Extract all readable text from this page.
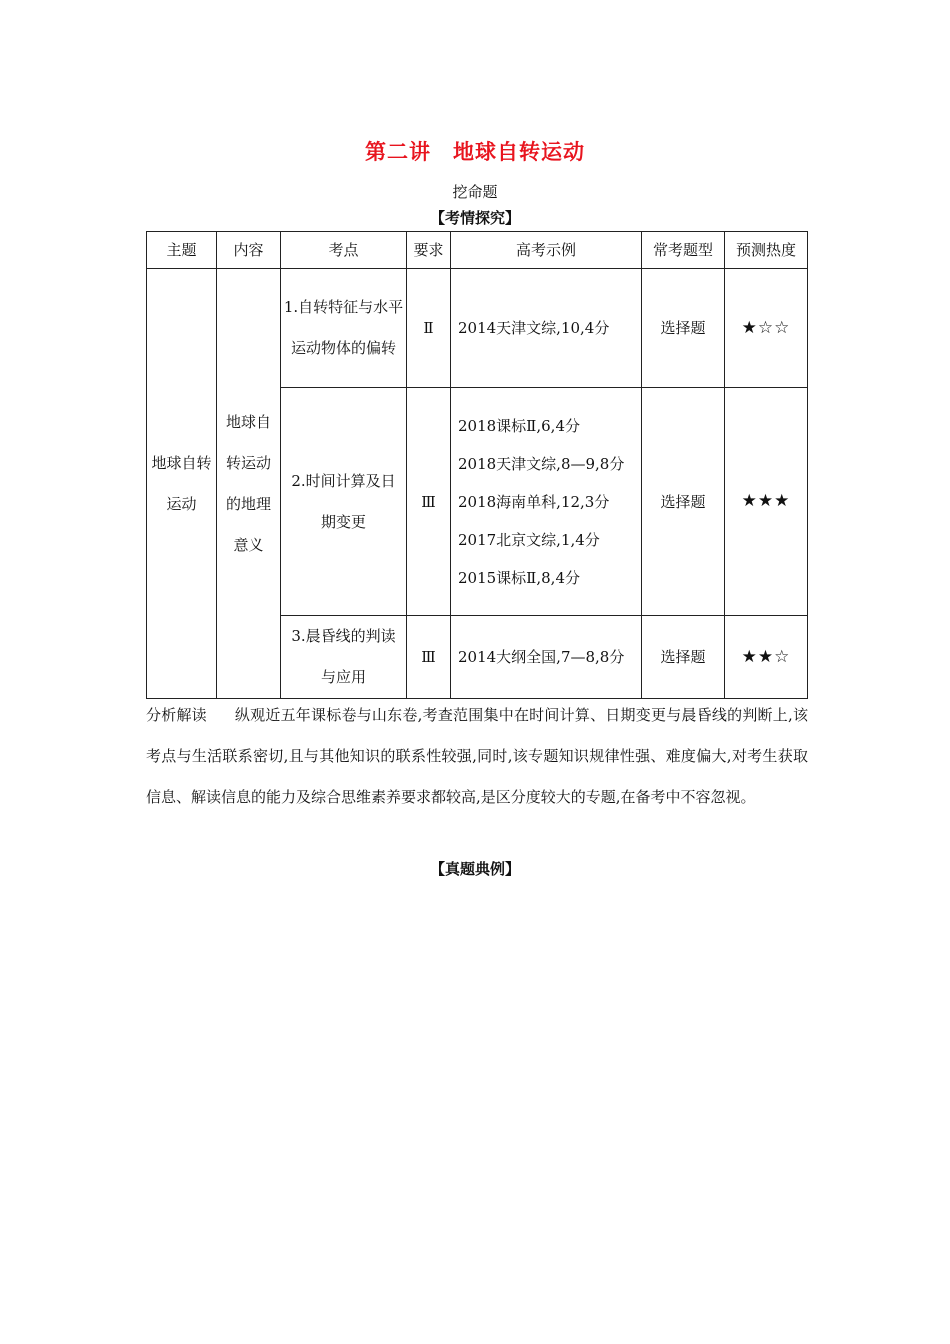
第二讲　地球自转运动
挖命题
【考情探究】
主题	内容	考点	要求	高考示例	常考题型	预测热度

地球自转运动	地球自转运动的地理意义	1.自转特征与水平运动物体的偏转	Ⅱ	2014天津文综,10,4分	选择题	★☆☆

		2.时间计算及日期变更	Ⅲ	2018课标Ⅱ,6,4分
2018天津文综,8—9,8分
2018海南单科,12,3分
2017北京文综,1,4分
2015课标Ⅱ,8,4分	选择题	★★★

		3.晨昏线的判读与应用	Ⅲ	2014大纲全国,7—8,8分	选择题	★★☆
分析解读 纵观近五年课标卷与山东卷,考查范围集中在时间计算、日期变更与晨昏线的判断上,该考点与生活联系密切,且与其他知识的联系性较强,同时,该专题知识规律性强、难度偏大,对考生获取信息、解读信息的能力及综合思维素养要求都较高,是区分度较大的专题,在备考中不容忽视。
【真题典例】
